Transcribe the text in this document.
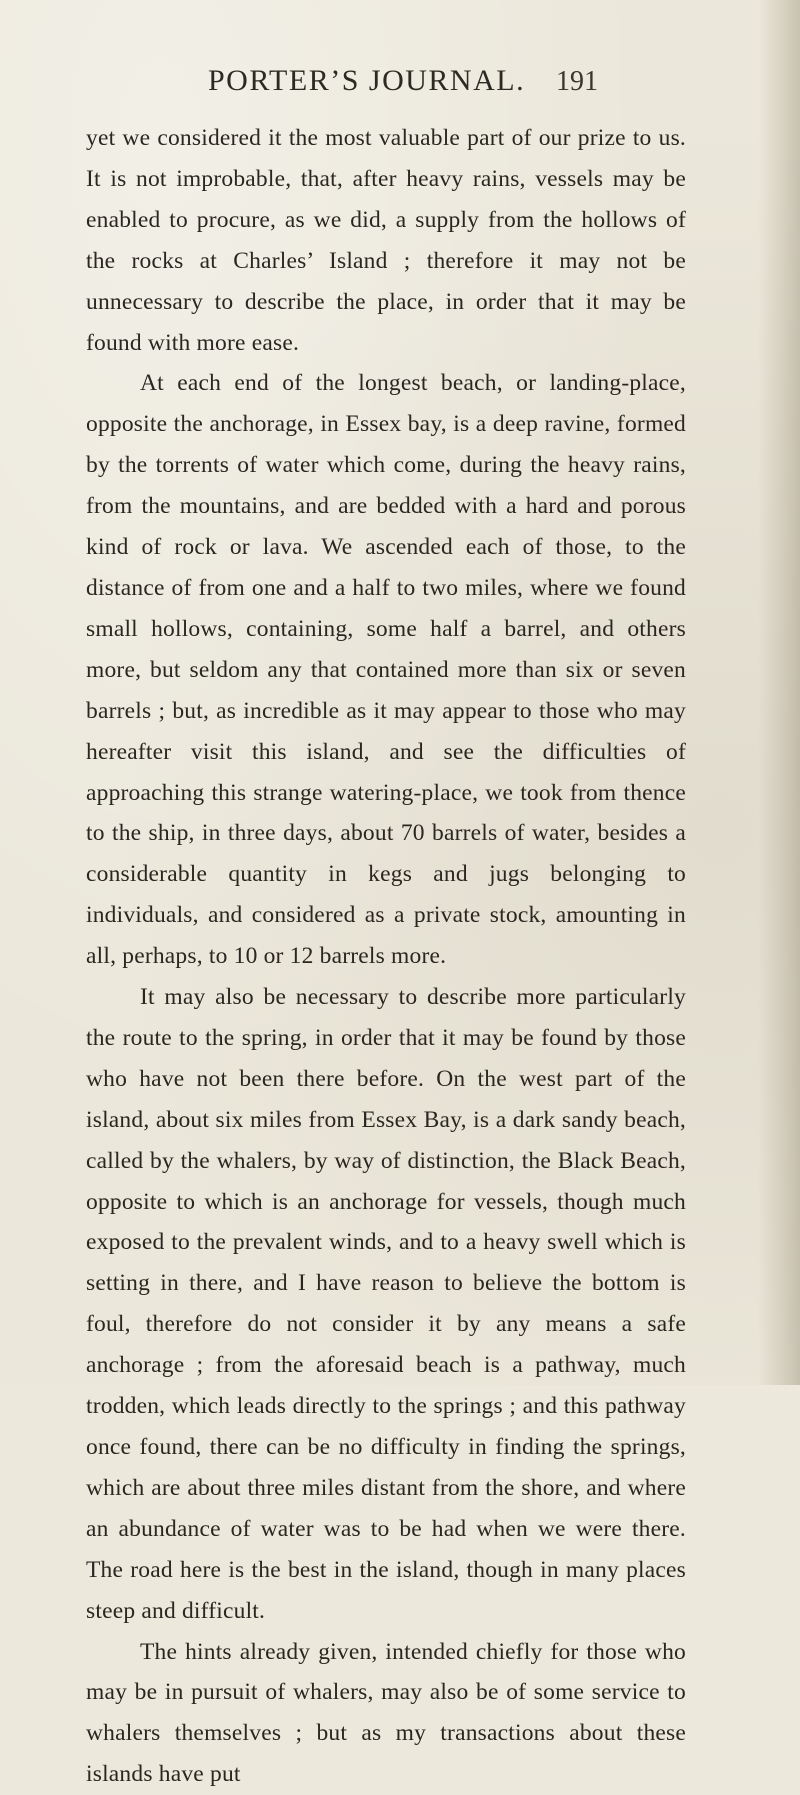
PORTER’S JOURNAL. 191

yet we considered it the most valuable part of our prize to us. It is not improbable, that, after heavy rains, vessels may be enabled to procure, as we did, a supply from the hollows of the rocks at Charles’ Island ; therefore it may not be unnecessary to describe the place, in order that it may be found with more ease.

At each end of the longest beach, or landing-place, opposite the anchorage, in Essex bay, is a deep ravine, formed by the torrents of water which come, during the heavy rains, from the mountains, and are bedded with a hard and porous kind of rock or lava. We ascended each of those, to the distance of from one and a half to two miles, where we found small hollows, containing, some half a barrel, and others more, but seldom any that contained more than six or seven barrels ; but, as incredible as it may appear to those who may hereafter visit this island, and see the difficulties of approaching this strange watering-place, we took from thence to the ship, in three days, about 70 barrels of water, besides a considerable quantity in kegs and jugs belonging to individuals, and considered as a private stock, amounting in all, perhaps, to 10 or 12 barrels more.

It may also be necessary to describe more particularly the route to the spring, in order that it may be found by those who have not been there before. On the west part of the island, about six miles from Essex Bay, is a dark sandy beach, called by the whalers, by way of distinction, the Black Beach, opposite to which is an anchorage for vessels, though much exposed to the prevalent winds, and to a heavy swell which is setting in there, and I have reason to believe the bottom is foul, therefore do not consider it by any means a safe anchorage ; from the aforesaid beach is a pathway, much trodden, which leads directly to the springs ; and this pathway once found, there can be no difficulty in finding the springs, which are about three miles distant from the shore, and where an abundance of water was to be had when we were there. The road here is the best in the island, though in many places steep and difficult.

The hints already given, intended chiefly for those who may be in pursuit of whalers, may also be of some service to whalers themselves ; but as my transactions about these islands have put
